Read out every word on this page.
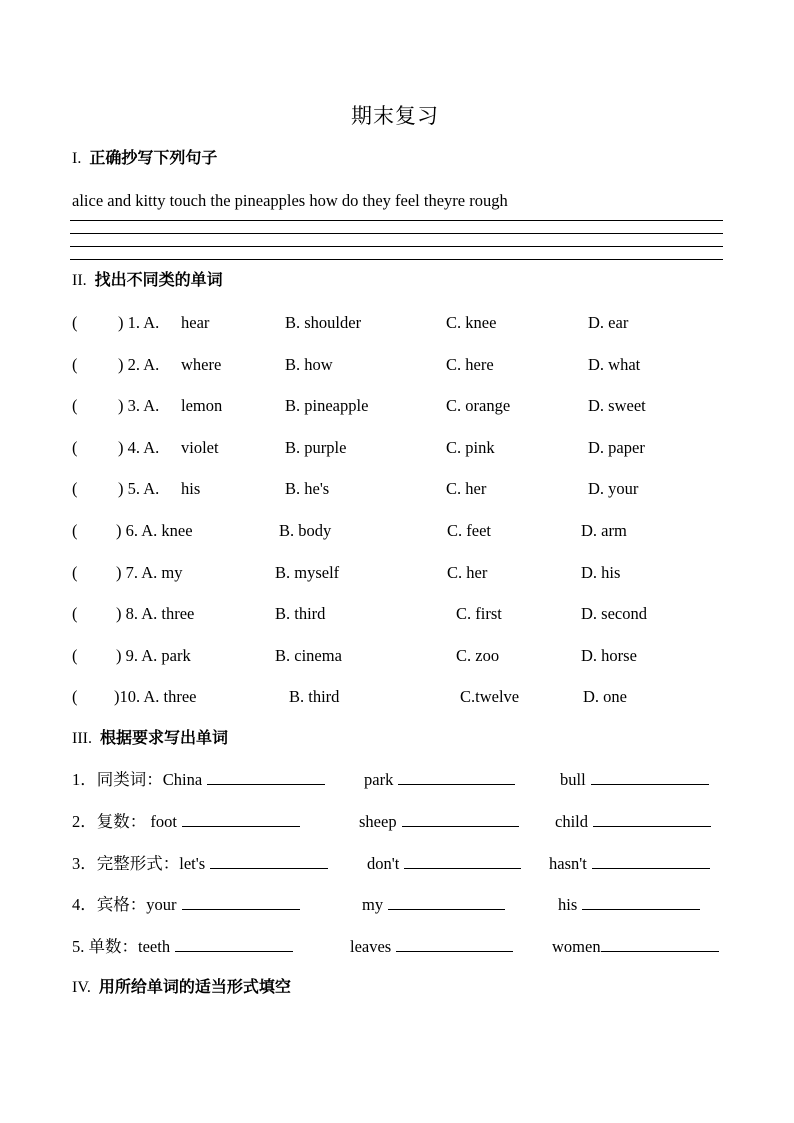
期末复习
I. 正确抄写下列句子
alice and kitty touch the pineapples how do they feel theyre rough
II. 找出不同类的单词
( ) 1. A. hear	B. shoulder	C. knee	D. ear
( ) 2. A. where	B. how	C. here	D. what
( ) 3. A. lemon	B. pineapple	C. orange	D. sweet
( ) 4. A. violet	B. purple	C. pink	D. paper
( ) 5. A. his	B. he's	C. her	D. your
( ) 6. A. knee	B. body	C. feet	D. arm
( ) 7. A. my	B. myself	C. her	D. his
( ) 8. A. three	B. third	C. first	D. second
( ) 9. A. park	B. cinema	C. zoo	D. horse
( )10. A. three	B. third	C.twelve	D. one
III. 根据要求写出单词
1．同类词：China	park	bull
2．复数： foot	sheep	child
3．完整形式：let's	don't	hasn't
4．宾格：your	my	his
5. 单数：teeth	leaves	women
IV. 用所给单词的适当形式填空
